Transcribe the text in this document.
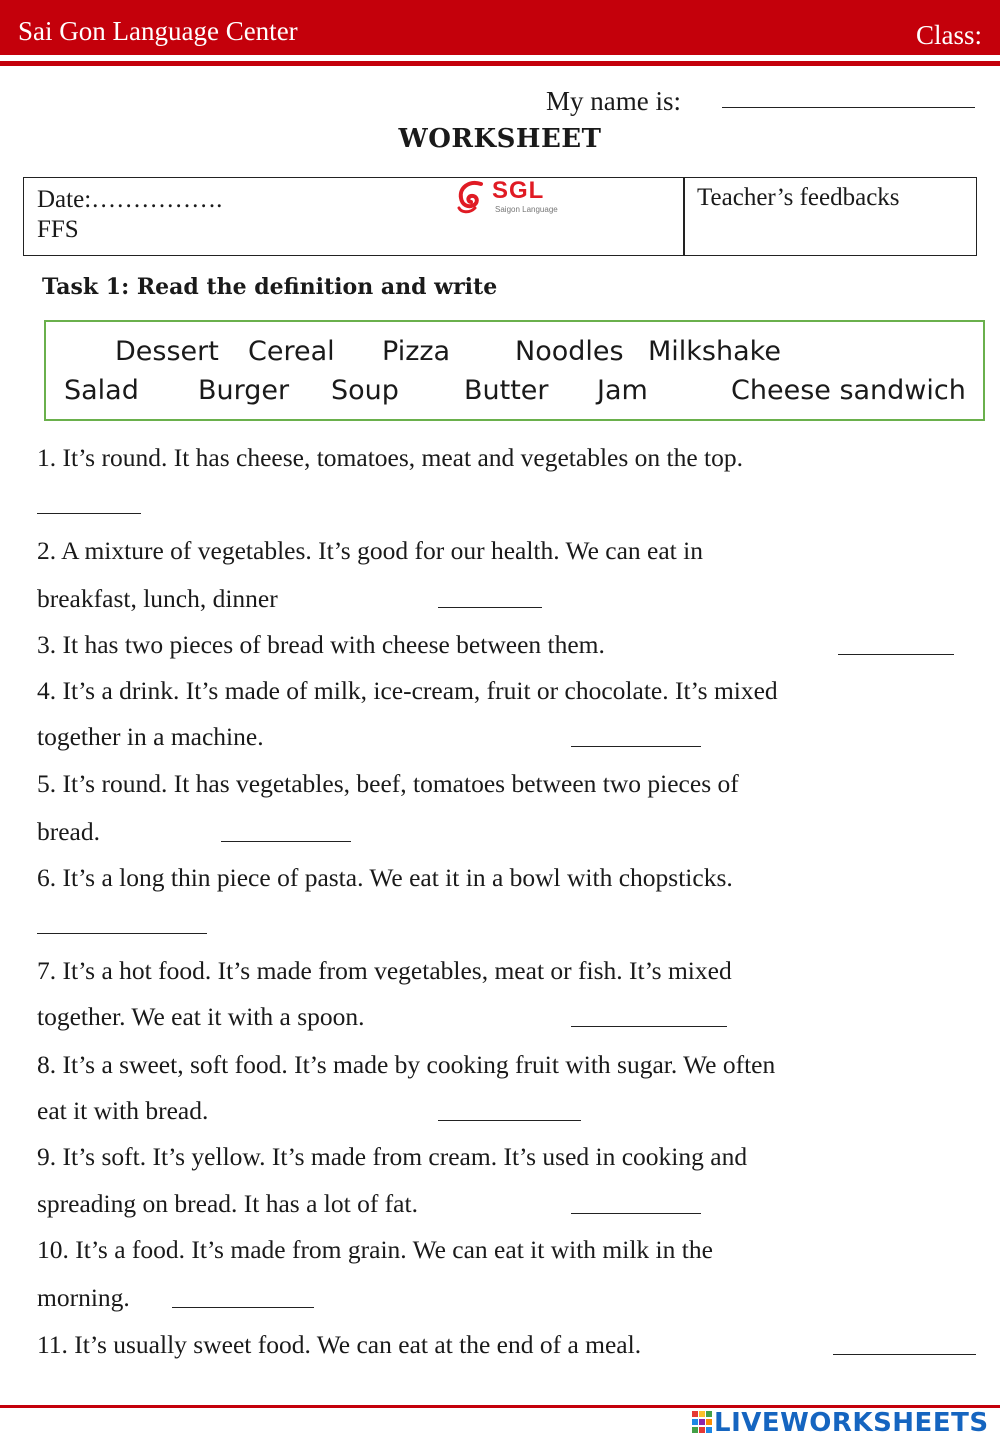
Sai Gon Language Center	Class:
My name is:
WORKSHEET
Date:…………….
FFS
Teacher’s feedbacks
SGL
Saigon Language
Task 1: Read the definition and write
Dessert Cereal Pizza Noodles Milkshake
Salad Burger Soup Butter Jam	Cheese sandwich
1. It’s round. It has cheese, tomatoes, meat and vegetables on the top.
2. A mixture of vegetables. It’s good for our health. We can eat in
breakfast, lunch, dinner
3. It has two pieces of bread with cheese between them.
4. It’s a drink. It’s made of milk, ice-cream, fruit or chocolate. It’s mixed
together in a machine.
5. It’s round. It has vegetables, beef, tomatoes between two pieces of
bread.
6. It’s a long thin piece of pasta. We eat it in a bowl with chopsticks.
7. It’s a hot food. It’s made from vegetables, meat or fish. It’s mixed
together. We eat it with a spoon.
8. It’s a sweet, soft food. It’s made by cooking fruit with sugar. We often
eat it with bread.
9. It’s soft. It’s yellow. It’s made from cream. It’s used in cooking and
spreading on bread. It has a lot of fat.
10. It’s a food. It’s made from grain. We can eat it with milk in the
morning.
11. It’s usually sweet food. We can eat at the end of a meal.
LIVEWORKSHEETS
